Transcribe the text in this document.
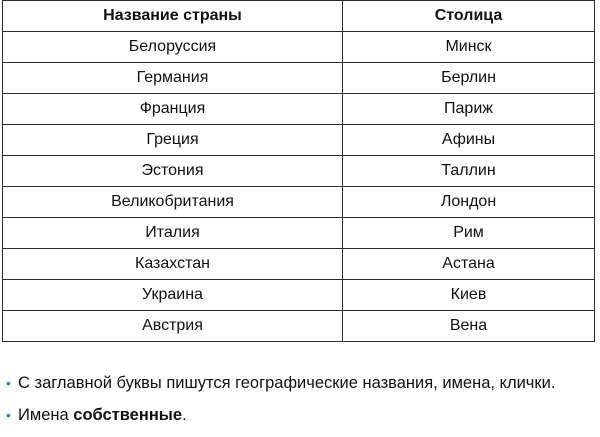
Название страны	Столица
Белоруссия	Минск
Германия	Берлин
Франция	Париж
Греция	Афины
Эстония	Таллин
Великобритания	Лондон
Италия	Рим
Казахстан	Астана
Украина	Киев
Австрия	Вена
• С заглавной буквы пишутся географические названия, имена, клички.
• Имена собственные.
